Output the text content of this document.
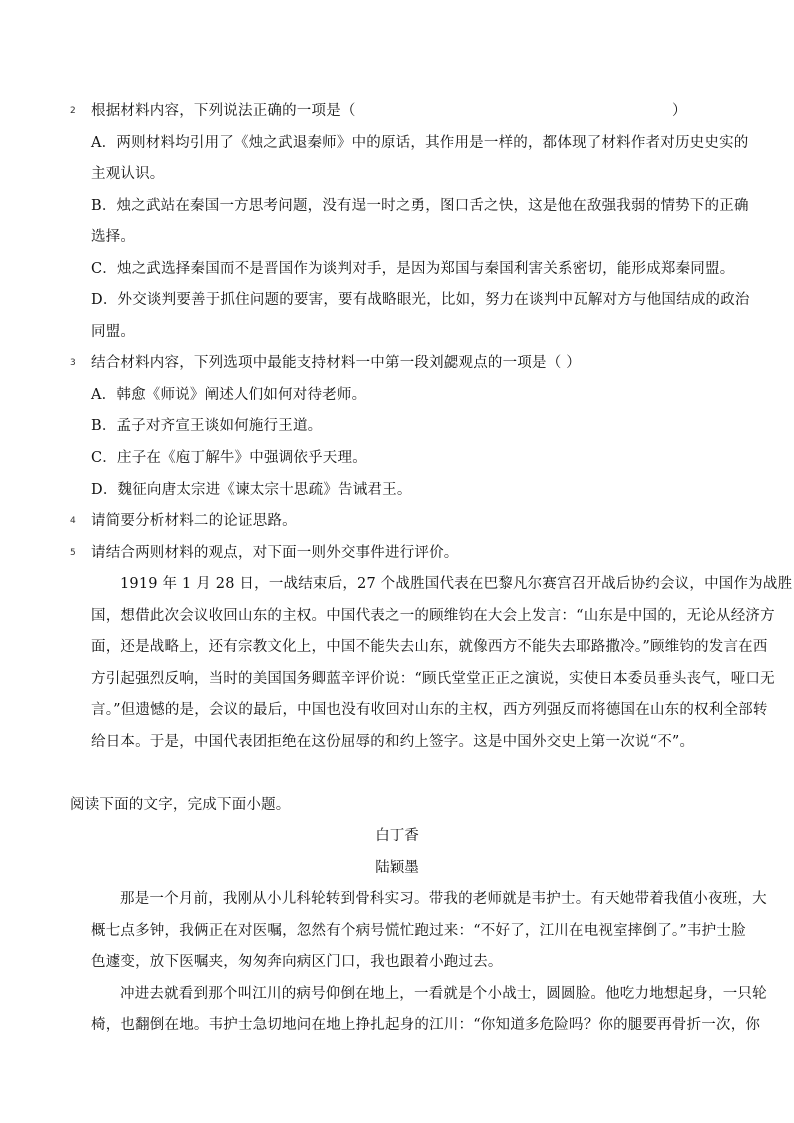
2 根据材料内容，下列说法正确的一项是（	）
A．两则材料均引用了《烛之武退秦师》中的原话，其作用是一样的，都体现了材料作者对历史史实的
主观认识。
B．烛之武站在秦国一方思考问题，没有逞一时之勇，图口舌之快，这是他在敌强我弱的情势下的正确
选择。
C．烛之武选择秦国而不是晋国作为谈判对手，是因为郑国与秦国利害关系密切，能形成郑秦同盟。
D．外交谈判要善于抓住问题的要害，要有战略眼光，比如，努力在谈判中瓦解对方与他国结成的政治
同盟。
3 结合材料内容，下列选项中最能支持材料一中第一段刘勰观点的一项是（ ）
A．韩愈《师说》阐述人们如何对待老师。
B．孟子对齐宣王谈如何施行王道。
C．庄子在《庖丁解牛》中强调依乎天理。
D．魏征向唐太宗进《谏太宗十思疏》告诫君王。
4 请简要分析材料二的论证思路。
5 请结合两则材料的观点，对下面一则外交事件进行评价。
1919 年 1 月 28 日，一战结束后，27 个战胜国代表在巴黎凡尔赛宫召开战后协约会议，中国作为战胜
国，想借此次会议收回山东的主权。中国代表之一的顾维钧在大会上发言：“山东是中国的，无论从经济方
面，还是战略上，还有宗教文化上，中国不能失去山东，就像西方不能失去耶路撒冷。”顾维钧的发言在西
方引起强烈反响，当时的美国国务卿蓝辛评价说：“顾氏堂堂正正之演说，实使日本委员垂头丧气，哑口无
言。”但遗憾的是，会议的最后，中国也没有收回对山东的主权，西方列强反而将德国在山东的权利全部转
给日本。于是，中国代表团拒绝在这份屈辱的和约上签字。这是中国外交史上第一次说“不”。
阅读下面的文字，完成下面小题。
白丁香
陆颖墨
那是一个月前，我刚从小儿科轮转到骨科实习。带我的老师就是韦护士。有天她带着我值小夜班，大
概七点多钟，我俩正在对医嘱，忽然有个病号慌忙跑过来：“不好了，江川在电视室摔倒了。”韦护士脸
色遽变，放下医嘱夹，匆匆奔向病区门口，我也跟着小跑过去。
冲进去就看到那个叫江川的病号仰倒在地上，一看就是个小战士，圆圆脸。他吃力地想起身，一只轮
椅，也翻倒在地。韦护士急切地问在地上挣扎起身的江川：“你知道多危险吗？你的腿要再骨折一次，你
